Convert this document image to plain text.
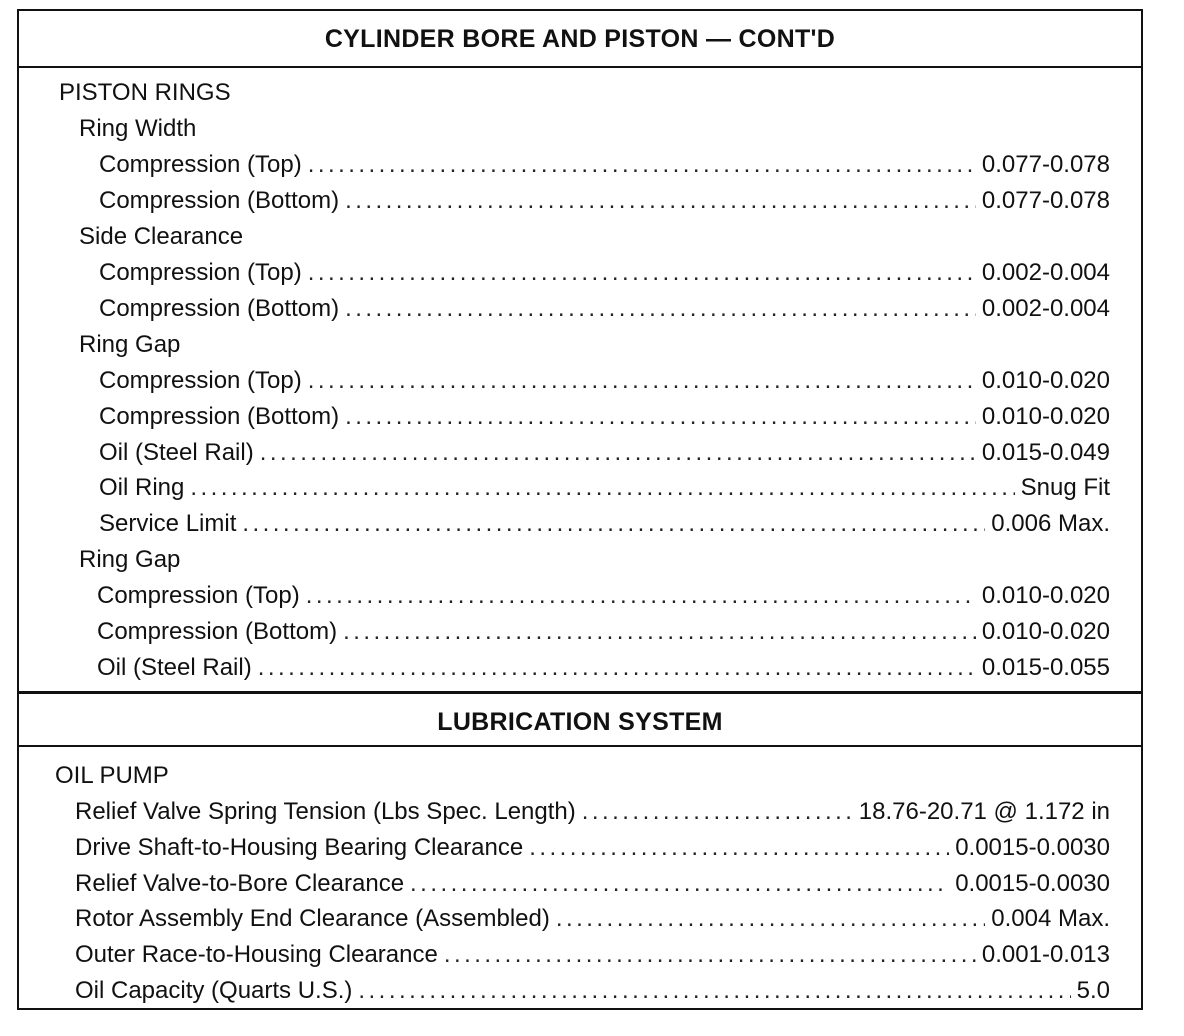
CYLINDER BORE AND PISTON — CONT'D
PISTON RINGS
Ring Width
Compression (Top) . . .	0.077-0.078
Compression (Bottom) . . .	0.077-0.078
Side Clearance
Compression (Top) . . .	0.002-0.004
Compression (Bottom) . . .	0.002-0.004
Ring Gap
Compression (Top) . . .	0.010-0.020
Compression (Bottom) . . .	0.010-0.020
Oil (Steel Rail) . . .	0.015-0.049
Oil Ring . . .	Snug Fit
Service Limit . . .	0.006 Max.
Ring Gap
Compression (Top) . . .	0.010-0.020
Compression (Bottom) . . .	0.010-0.020
Oil (Steel Rail) . . .	0.015-0.055
LUBRICATION SYSTEM
OIL PUMP
Relief Valve Spring Tension (Lbs Spec. Length) . . .	18.76-20.71 @ 1.172 in
Drive Shaft-to-Housing Bearing Clearance . . .	0.0015-0.0030
Relief Valve-to-Bore Clearance . . .	0.0015-0.0030
Rotor Assembly End Clearance (Assembled) . . .	0.004 Max.
Outer Race-to-Housing Clearance . . .	0.001-0.013
Oil Capacity (Quarts U.S.) . . .	5.0
